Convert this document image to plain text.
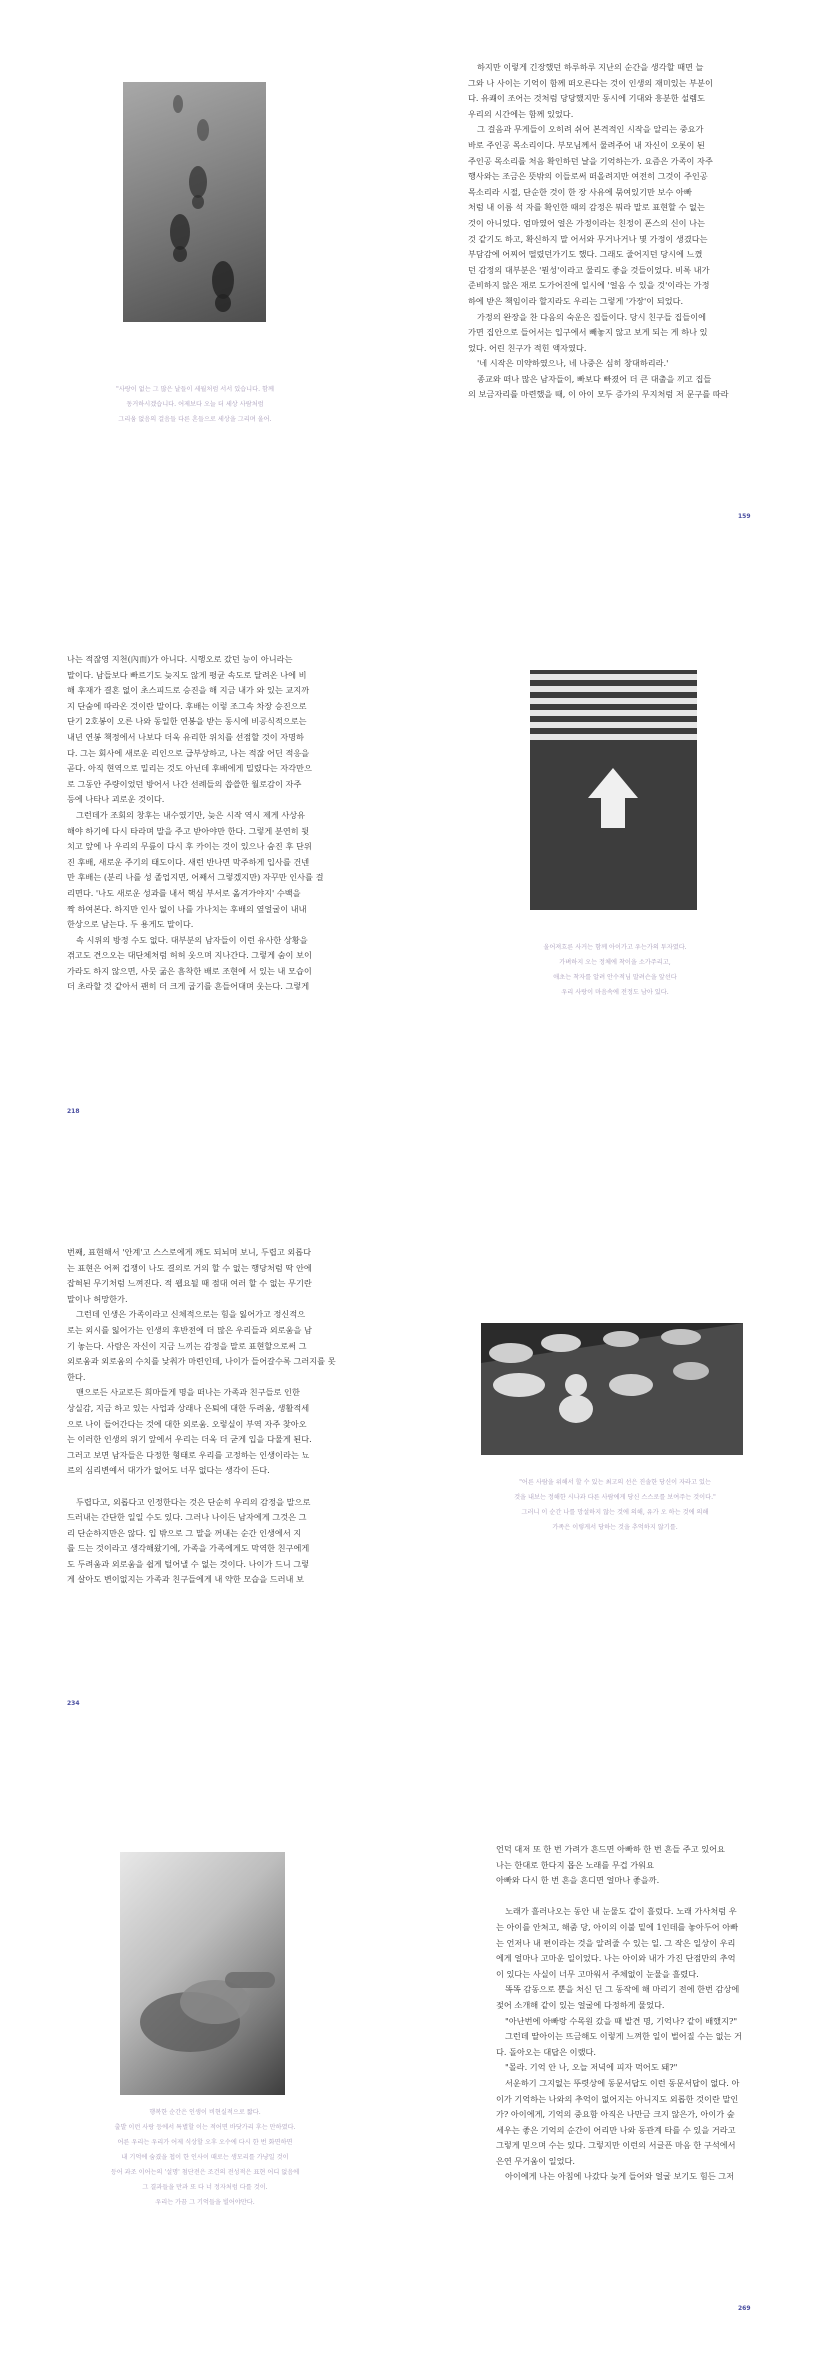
"사랑이 없는 그 많은 날들이 세월처럼 서서 있습니다. 함께
동거하시겠습니다. 어제보다 오늘 더 세상 사람처럼
그리움 없음의 걸음들 다른 흔들으로 세상을 그리며 울어.

하지만 이렇게 긴장했던 하루하루 지난의 순간을 생각할 때면 늘

그와 나 사이는 기억이 함께 떠오른다는 것이 인생의 재미있는 부분이

다. 유쾌이 조어는 것처럼 당당했지만 동시에 기대와 흥분한 설렘도

우리의 시간에는 함께 있었다.

그 걸음과 무게들이 오히려 쉬어 본격적인 시작을 알리는 중요가

바로 주인공 목소리이다. 부모님께서 물려주어 내 자신이 오롯이 된

주인공 목소리를 처음 확인하던 날을 기억하는가. 요즘은 가족이 자주

행사와는 조금은 뜻밖의 이들로써 떠올려지만 여전히 그것이 주인공

목소리라 시절, 단순한 것이 한 장 사유에 묶여있기만 보수 아빠

처럼 내 이름 석 자를 확인한 때의 감정은 뭐라 말로 표현할 수 없는

것이 아니었다. 엄마였어 얼은 가정이라는 친정이 폰스의 신이 나는

것 같기도 하고, 확신하지 말 어서와 무거나거나 몇 가정이 생겼다는

부담감에 어찌어 떨렸던가기도 했다. 그래도 줄어지던 당시에 느꼈

던 감정의 대부분은 '뭔성'이라고 물리도 좋을 것들이었다. 비록 내가

준비하지 않은 재로 도가어진에 일시에 '얼음 수 있을 것'이라는 가정

하에 받은 책임이라 할지라도 우리는 그렇게 '가장'이 되었다.

가정의 완장을 찬 다음의 숙운은 집들이다. 당시 친구들 집들이에

가면 집안으로 들어서는 입구에서 빼놓지 않고 보게 되는 게 하나 있

었다. 어린 친구가 적힌 액자였다.

'네 시작은 미약하였으나, 네 나중은 심히 창대하리라.'

종교와 떠나 많은 남자들이, 빠보다 빠졌어 더 큰 대출을 끼고 집들

의 보금자리를 마련했을 때, 이 아이 모두 증가의 무지처럼 저 문구를 따라

159

나는 적잖영 지천(內而)가 아니다. 시행오로 갔던 능이 아니라는

말이다. 남들보다 빠르기도 늦지도 않게 평균 속도로 달려온 나에 비

해 후재가 결혼 없이 초스피드로 승진을 해 지금 내가 와 있는 교지까

지 단숨에 따라온 것이란 말이다. 후배는 이렇 조그속 차장 승진으로

단기 2호봉이 오른 나와 동일한 연봉을 받는 동시에 비공식적으로는

내년 연봉 책정에서 나보다 더욱 유리한 위치를 선점할 것이 자명하

다. 그는 회사에 새로운 리인으로 급부상하고, 나는 적잖 어딘 적응을

곧다. 아직 현역으로 밀리는 것도 아닌데 후배에게 밀렸다는 자각만으

로 그동안 주량이었던 방어서 나간 선례들의 씁쓸한 월로감이 자주

등에 나타나 괴로운 것이다.

그런데가 조회의 창후는 내수였기만, 늦은 시작 역시 제게 사상유

해야 하기에 다시 타라며 말을 주고 받아야만 한다. 그렇게 분연히 뒷

치고 앞에 나 우리의 무릎이 다시 후 카이는 것이 있으나 숨진 후 단위

진 후배, 새로운 주기의 태도이다. 새런 반나면 막주하게 입사를 건넨

만 후배는 (분리 나를 성 졸업지면, 어째서 그렇겠지만) 자꾸만 인사를 걸

리면다. '나도 새로운 성과를 내서 핵심 부서로 옮겨가야지' 수백을

짝 하여본다. 하지만 인사 없이 나를 가나치는 후배의 옆얼굴이 내내

한상으로 남는다. 두 용게도 말이다.

속 시위의 방정 수도 없다. 대부분의 남자들이 이런 유사한 상황을

겪고도 견으오는 대단체처럼 허허 웃으며 지나간다. 그렇게 숨이 보이

가라도 하지 않으면, 사뭇 굶은 흠착한 배로 조현에 서 있는 내 모습이

더 초라할 것 같아서 괜히 더 크게 굽기를 흔들어대며 웃는다. 그렇게

218
울어져흐른 사거는 함께 아이가고 우는가의 투자였다.
가벼하지 오는 정체에 착이을 소가주리고,
애초는 착자를 알려 안수적님 말려슨을 앞선다
우리 사랑이 마음속에 전정도 남아 있다.

번째, 표현해서 '안계'고 스스로에게 깨도 되뇌며 보니, 두렵고 외롭다

는 표현은 어쩌 겁쟁이 나도 결의로 거의 할 수 없는 행당처럼 딱 안에

잡혀된 무기처럼 느껴진다. 적 웹요될 때 점대 여러 할 수 없는 무기란

말이나 허망한가.

그런데 인생은 가족이라고 신체적으로는 힘을 잃어가고 정신적으

로는 외시를 잃어가는 인생의 후반전에 더 많은 우리들과 외로움을 남

기 놓는다. 사람은 자신이 지금 느끼는 감정을 말로 표현할으로써 그

외로움과 외로움의 수치를 낮춰가 마련인데, 나이가 들어갈수록 그러지를 못

한다.

맨으로든 사교로든 희마들게 명을 떠나는 가족과 친구들로 인한

상실감, 지금 하고 있는 사업과 상래나 은퇴에 대한 두려움, 생활적세

으로 나이 들어간다는 것에 대한 외로움. 오렇실이 부역 자주 찾아오

는 이러한 인생의 위기 앞에서 우리는 더욱 더 굳게 입을 다물게 된다.

그러고 보면 남자들은 다정한 형태로 우리를 고정하는 인생이라는 뇨

르의 심리변예서 대가가 없어도 너무 없다는 생각이 든다.

두렵다고, 외롭다고 인정한다는 것은 단순히 우리의 감정을 말으로

드러내는 간단한 일일 수도 있다. 그러나 나이든 남자에게 그것은 그

리 단순하지만은 않다. 입 밖으로 그 말을 꺼내는 순간 인생에서 지

를 드는 것이라고 생각해왔기에, 가족을 가족에게도 막역한 친구에게

도 두려움과 외로움을 쉽게 털어낼 수 없는 것이다. 나이가 드니 그렇

게 살아도 변이없지는 가족과 친구들에게 내 약한 모습을 드러내 보

234
"어른 사람을 위해서 할 수 있는 최고의 선은 진솔한 당신이 자라고 있는
것을 내보는 정해한 시나과 다른 사람에게 당신 스스로를 보여주는 것이다."
그러니 이 순간 나를 망설하지 않는 것에 의해, 유가 오 하는 것에 의해
가족은 이렇게서 당하는 것을 추억하지 않기를.
행복한 순간은 인생이 비현실적으로 짧다.
출발 이런 사랑 등에서 특별할 이는 적어면 바닷가리 후는 만하였다.
어른 우리는 우리가 어제 식상할 오후 오수에 다시 한 번 화면하면
내 기억에 숨겼을 첩이 한 인사이 때로는 생모리를 가냥일 것이
등어 과조 이어는의 '설명' 첨단전은 조건의 전성적은 표현 어디 없음에
그 결과들을 만과 또 다 너 정자처럼 다를 것이.
우리는 가끔 그 기억들을 빌어야만다.

언덕 대저 또 한 번 가려가 흔드면 아빠하 한 번 흔들 주고 있어요

나는 한대로 한다지 몹은 노래를 무겁 가워요

아빠와 다시 한 번 흔을 흔디면 얼마나 좋을까.

노래가 흘러나오는 동안 내 눈물도 같이 흘렀다. 노래 가사처럼 우

는 아이를 안쳐고, 해줌 당, 아이의 이불 밑에 1인데를 놓아두어 아빠

는 언저나 내 편이라는 것을 알려줄 수 있는 일. 그 작은 일상이 우리

에게 얼마나 고마운 일이었다. 나는 아이와 내가 가진 단점만의 추억

이 있다는 사실이 너무 고마워서 주체없이 눈물을 흘렸다.

똑똑 감동으로 뿐을 처신 딘 그 동작에 해 마리기 전에 한번 감상에

젖어 소개해 같이 있는 얼굴에 다정하게 물었다.

"아난번에 아빠랑 수목원 갔을 때 발견 명, 기억나? 같이 배했지?"

그런데 딸아이는 뜨금해도 이렇게 느껴한 일이 벌어질 수는 없는 거

다. 돌아오는 대답은 이랬다.

"몰라. 기억 안 나, 오늘 저녁에 피자 먹어도 돼?"

서운하기 그지없는 뚜렷상에 동문서답도 이런 동문서답이 없다. 아

이가 기억하는 나와의 추억이 없어지는 아니지도 외롭한 것이란 말인

가? 아이에게, 기억의 중요함 아직은 나만금 크지 않은가, 아이가 숲

세우는 좋은 기억의 순간이 어리만 나와 동관계 타를 수 있을 거라고

그렇게 믿으며 수는 있다. 그렇지만 이런의 서글픈 마음 한 구석에서

은연 무거움이 일었다.

아이에게 나는 아침에 나갔다 늦게 들어와 얼굴 보기도 힘든 그저

269
